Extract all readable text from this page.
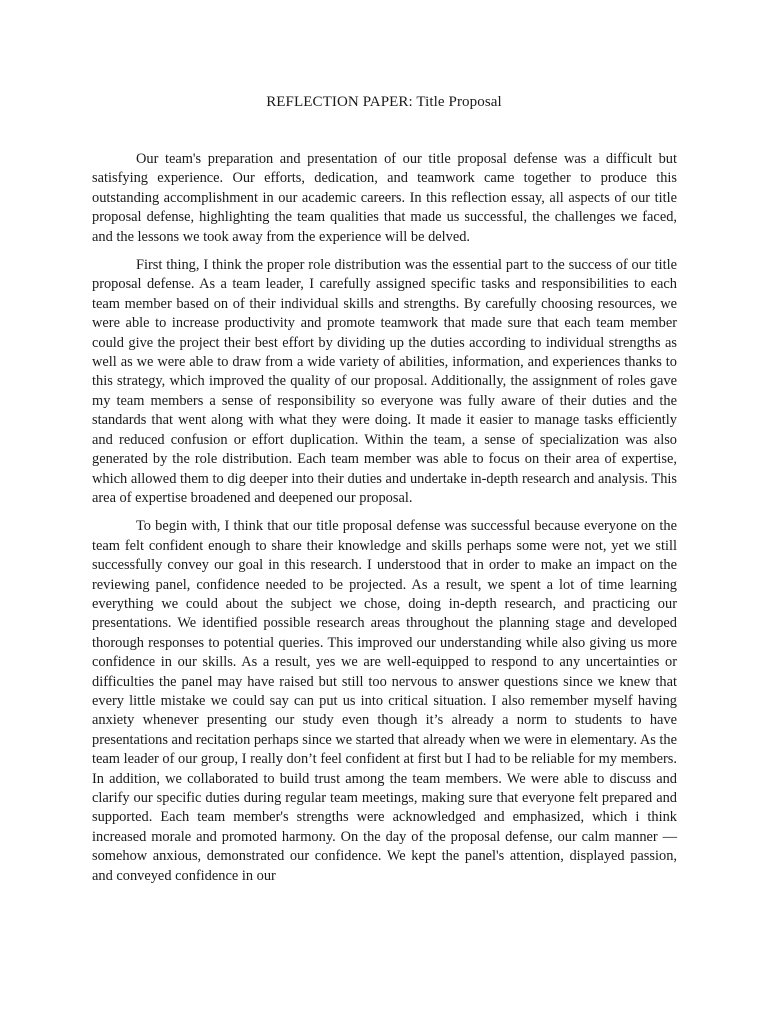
REFLECTION PAPER: Title Proposal

Our team's preparation and presentation of our title proposal defense was a difficult but satisfying experience. Our efforts, dedication, and teamwork came together to produce this outstanding accomplishment in our academic careers. In this reflection essay, all aspects of our title proposal defense, highlighting the team qualities that made us successful, the challenges we faced, and the lessons we took away from the experience will be delved.

First thing, I think the proper role distribution was the essential part to the success of our title proposal defense. As a team leader, I carefully assigned specific tasks and responsibilities to each team member based on of their individual skills and strengths. By carefully choosing resources, we were able to increase productivity and promote teamwork that made sure that each team member could give the project their best effort by dividing up the duties according to individual strengths as well as we were able to draw from a wide variety of abilities, information, and experiences thanks to this strategy, which improved the quality of our proposal. Additionally, the assignment of roles gave my team members a sense of responsibility so everyone was fully aware of their duties and the standards that went along with what they were doing. It made it easier to manage tasks efficiently and reduced confusion or effort duplication. Within the team, a sense of specialization was also generated by the role distribution. Each team member was able to focus on their area of expertise, which allowed them to dig deeper into their duties and undertake in-depth research and analysis. This area of expertise broadened and deepened our proposal.

To begin with, I think that our title proposal defense was successful because everyone on the team felt confident enough to share their knowledge and skills perhaps some were not, yet we still successfully convey our goal in this research. I understood that in order to make an impact on the reviewing panel, confidence needed to be projected. As a result, we spent a lot of time learning everything we could about the subject we chose, doing in-depth research, and practicing our presentations. We identified possible research areas throughout the planning stage and developed thorough responses to potential queries. This improved our understanding while also giving us more confidence in our skills. As a result, yes we are well-equipped to respond to any uncertainties or difficulties the panel may have raised but still too nervous to answer questions since we knew that every little mistake we could say can put us into critical situation. I also remember myself having anxiety whenever presenting our study even though it’s already a norm to students to have presentations and recitation perhaps since we started that already when we were in elementary. As the team leader of our group, I really don’t feel confident at first but I had to be reliable for my members. In addition, we collaborated to build trust among the team members. We were able to discuss and clarify our specific duties during regular team meetings, making sure that everyone felt prepared and supported. Each team member's strengths were acknowledged and emphasized, which i think increased morale and promoted harmony. On the day of the proposal defense, our calm manner —somehow anxious, demonstrated our confidence. We kept the panel's attention, displayed passion, and conveyed confidence in our
